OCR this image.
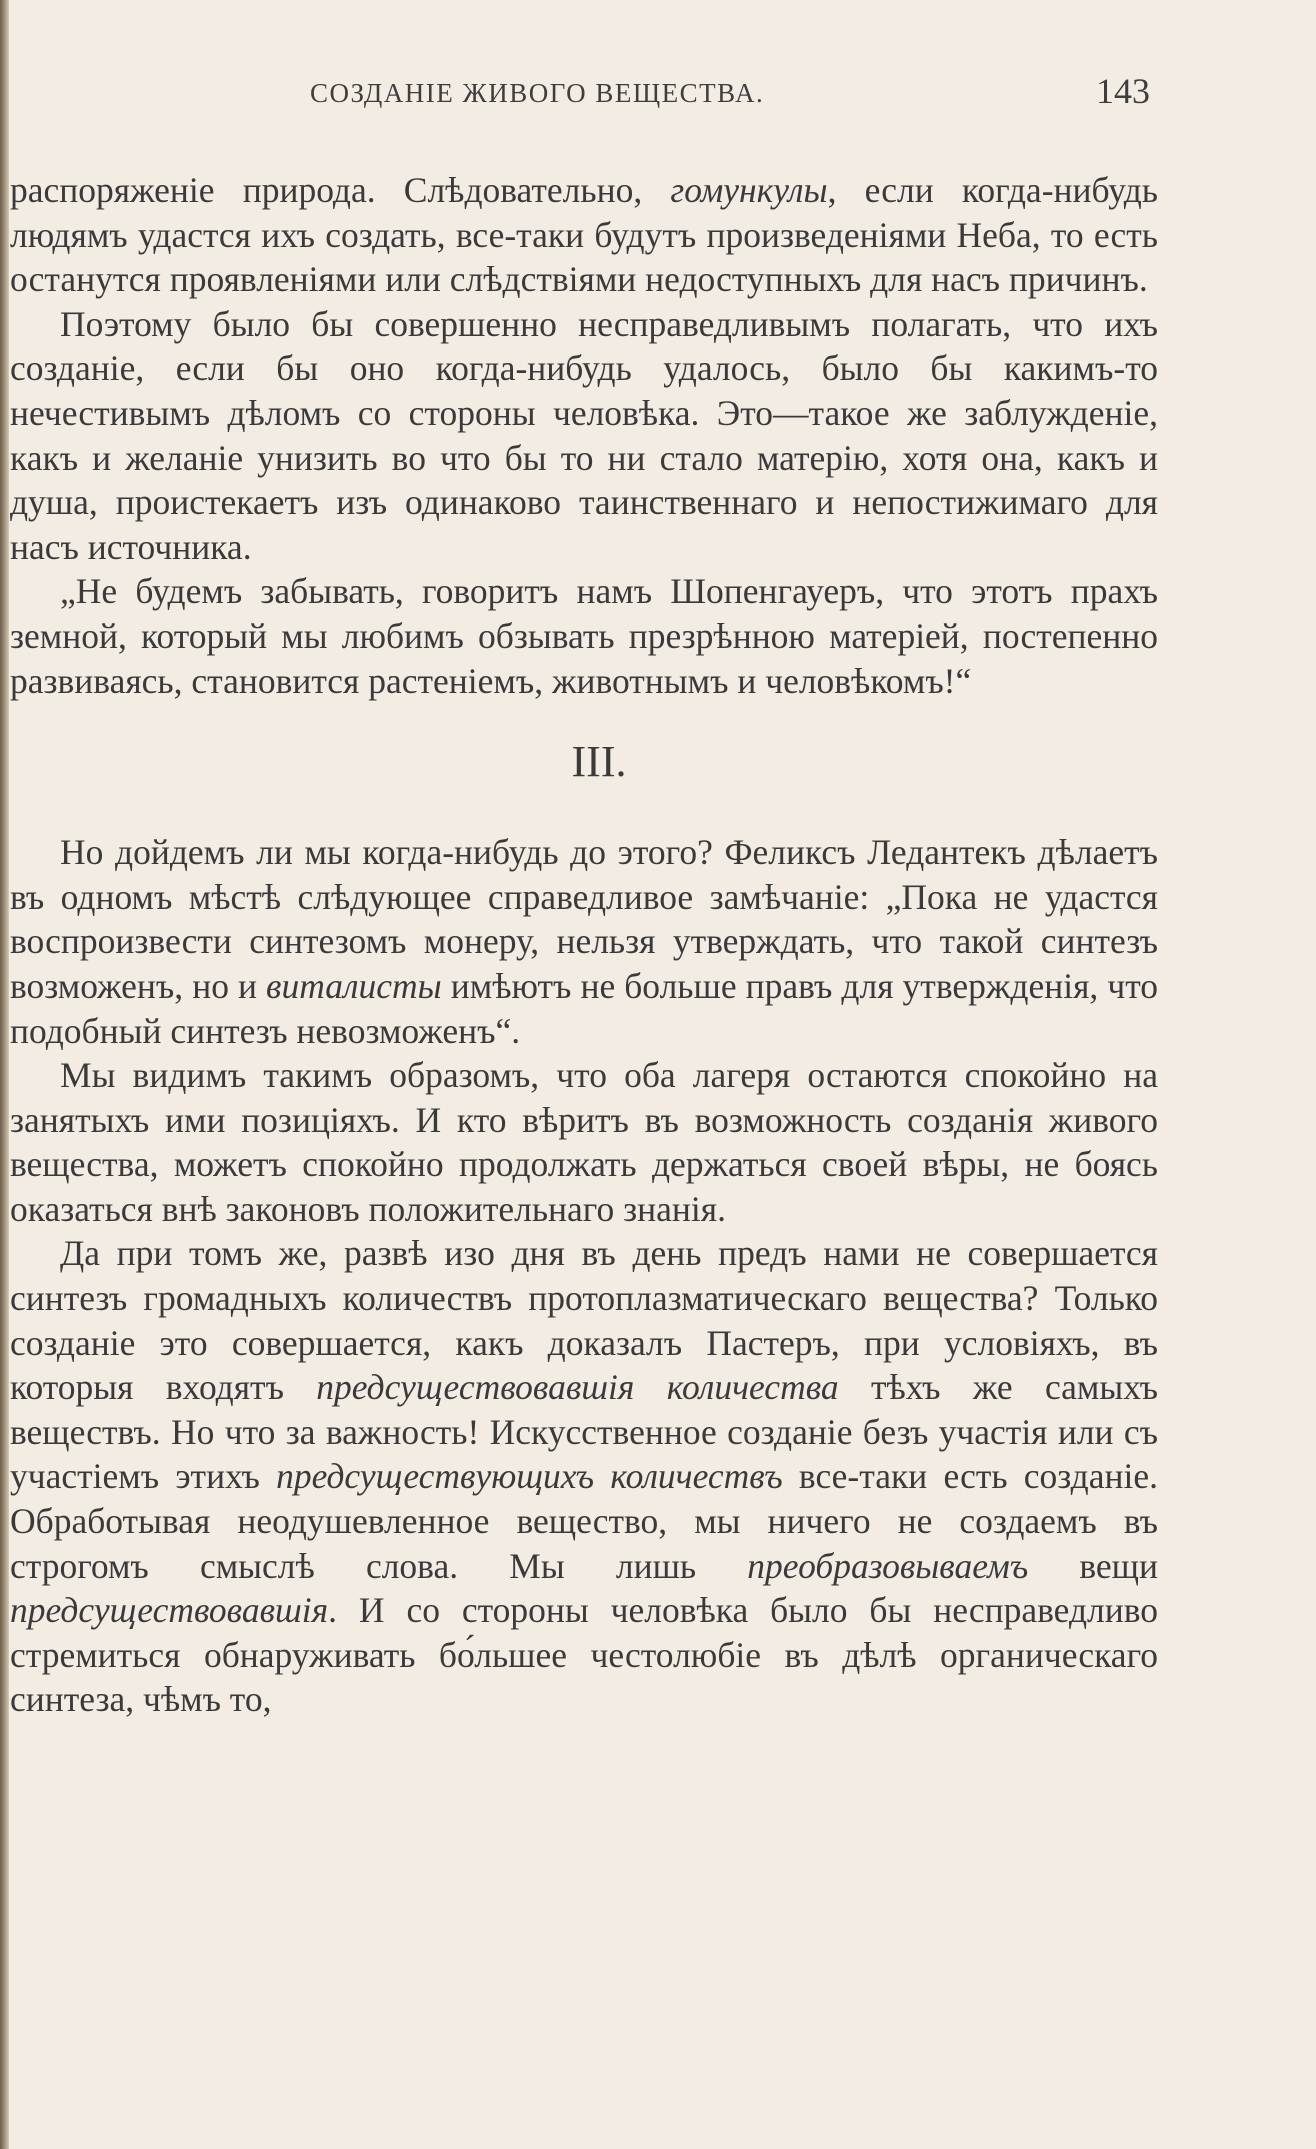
СОЗДАНІЕ ЖИВОГО ВЕЩЕСТВА.	143

распоряженіе природа. Слѣдовательно, гомункулы, если когда-нибудь людямъ удастся ихъ создать, все-таки будутъ произведеніями Неба, то есть останутся проявленіями или слѣдствіями недоступныхъ для насъ причинъ.

Поэтому было бы совершенно несправедливымъ полагать, что ихъ созданіе, если бы оно когда-нибудь удалось, было бы какимъ-то нечестивымъ дѣломъ со стороны человѣка. Это—такое же заблужденіе, какъ и желаніе унизить во что бы то ни стало матерію, хотя она, какъ и душа, проистекаетъ изъ одинаково таинственнаго и непостижимаго для насъ источника.

„Не будемъ забывать, говоритъ намъ Шопенгауеръ, что этотъ прахъ земной, который мы любимъ обзывать презрѣнною матеріей, постепенно развиваясь, становится растеніемъ, животнымъ и человѣкомъ!“

III.

Но дойдемъ ли мы когда-нибудь до этого? Феликсъ Ледантекъ дѣлаетъ въ одномъ мѣстѣ слѣдующее справедливое замѣчаніе: „Пока не удастся воспроизвести синтезомъ монеру, нельзя утверждать, что такой синтезъ возможенъ, но и виталисты имѣютъ не больше правъ для утвержденія, что подобный синтезъ невозможенъ“.

Мы видимъ такимъ образомъ, что оба лагеря остаются спокойно на занятыхъ ими позиціяхъ. И кто вѣритъ въ возможность созданія живого вещества, можетъ спокойно продолжать держаться своей вѣры, не боясь оказаться внѣ законовъ положительнаго знанія.

Да при томъ же, развѣ изо дня въ день предъ нами не совершается синтезъ громадныхъ количествъ протоплазматическаго вещества? Только созданіе это совершается, какъ доказалъ Пастеръ, при условіяхъ, въ которыя входятъ предсуществовавшія количества тѣхъ же самыхъ веществъ. Но что за важность! Искусственное созданіе безъ участія или съ участіемъ этихъ предсуществующихъ количествъ все-таки есть созданіе. Обработывая неодушевленное вещество, мы ничего не создаемъ въ строгомъ смыслѣ слова. Мы лишь преобразовываемъ вещи предсуществовавшія. И со стороны человѣка было бы несправедливо стремиться обнаруживать бо́льшее честолюбіе въ дѣлѣ органическаго синтеза, чѣмъ то,
